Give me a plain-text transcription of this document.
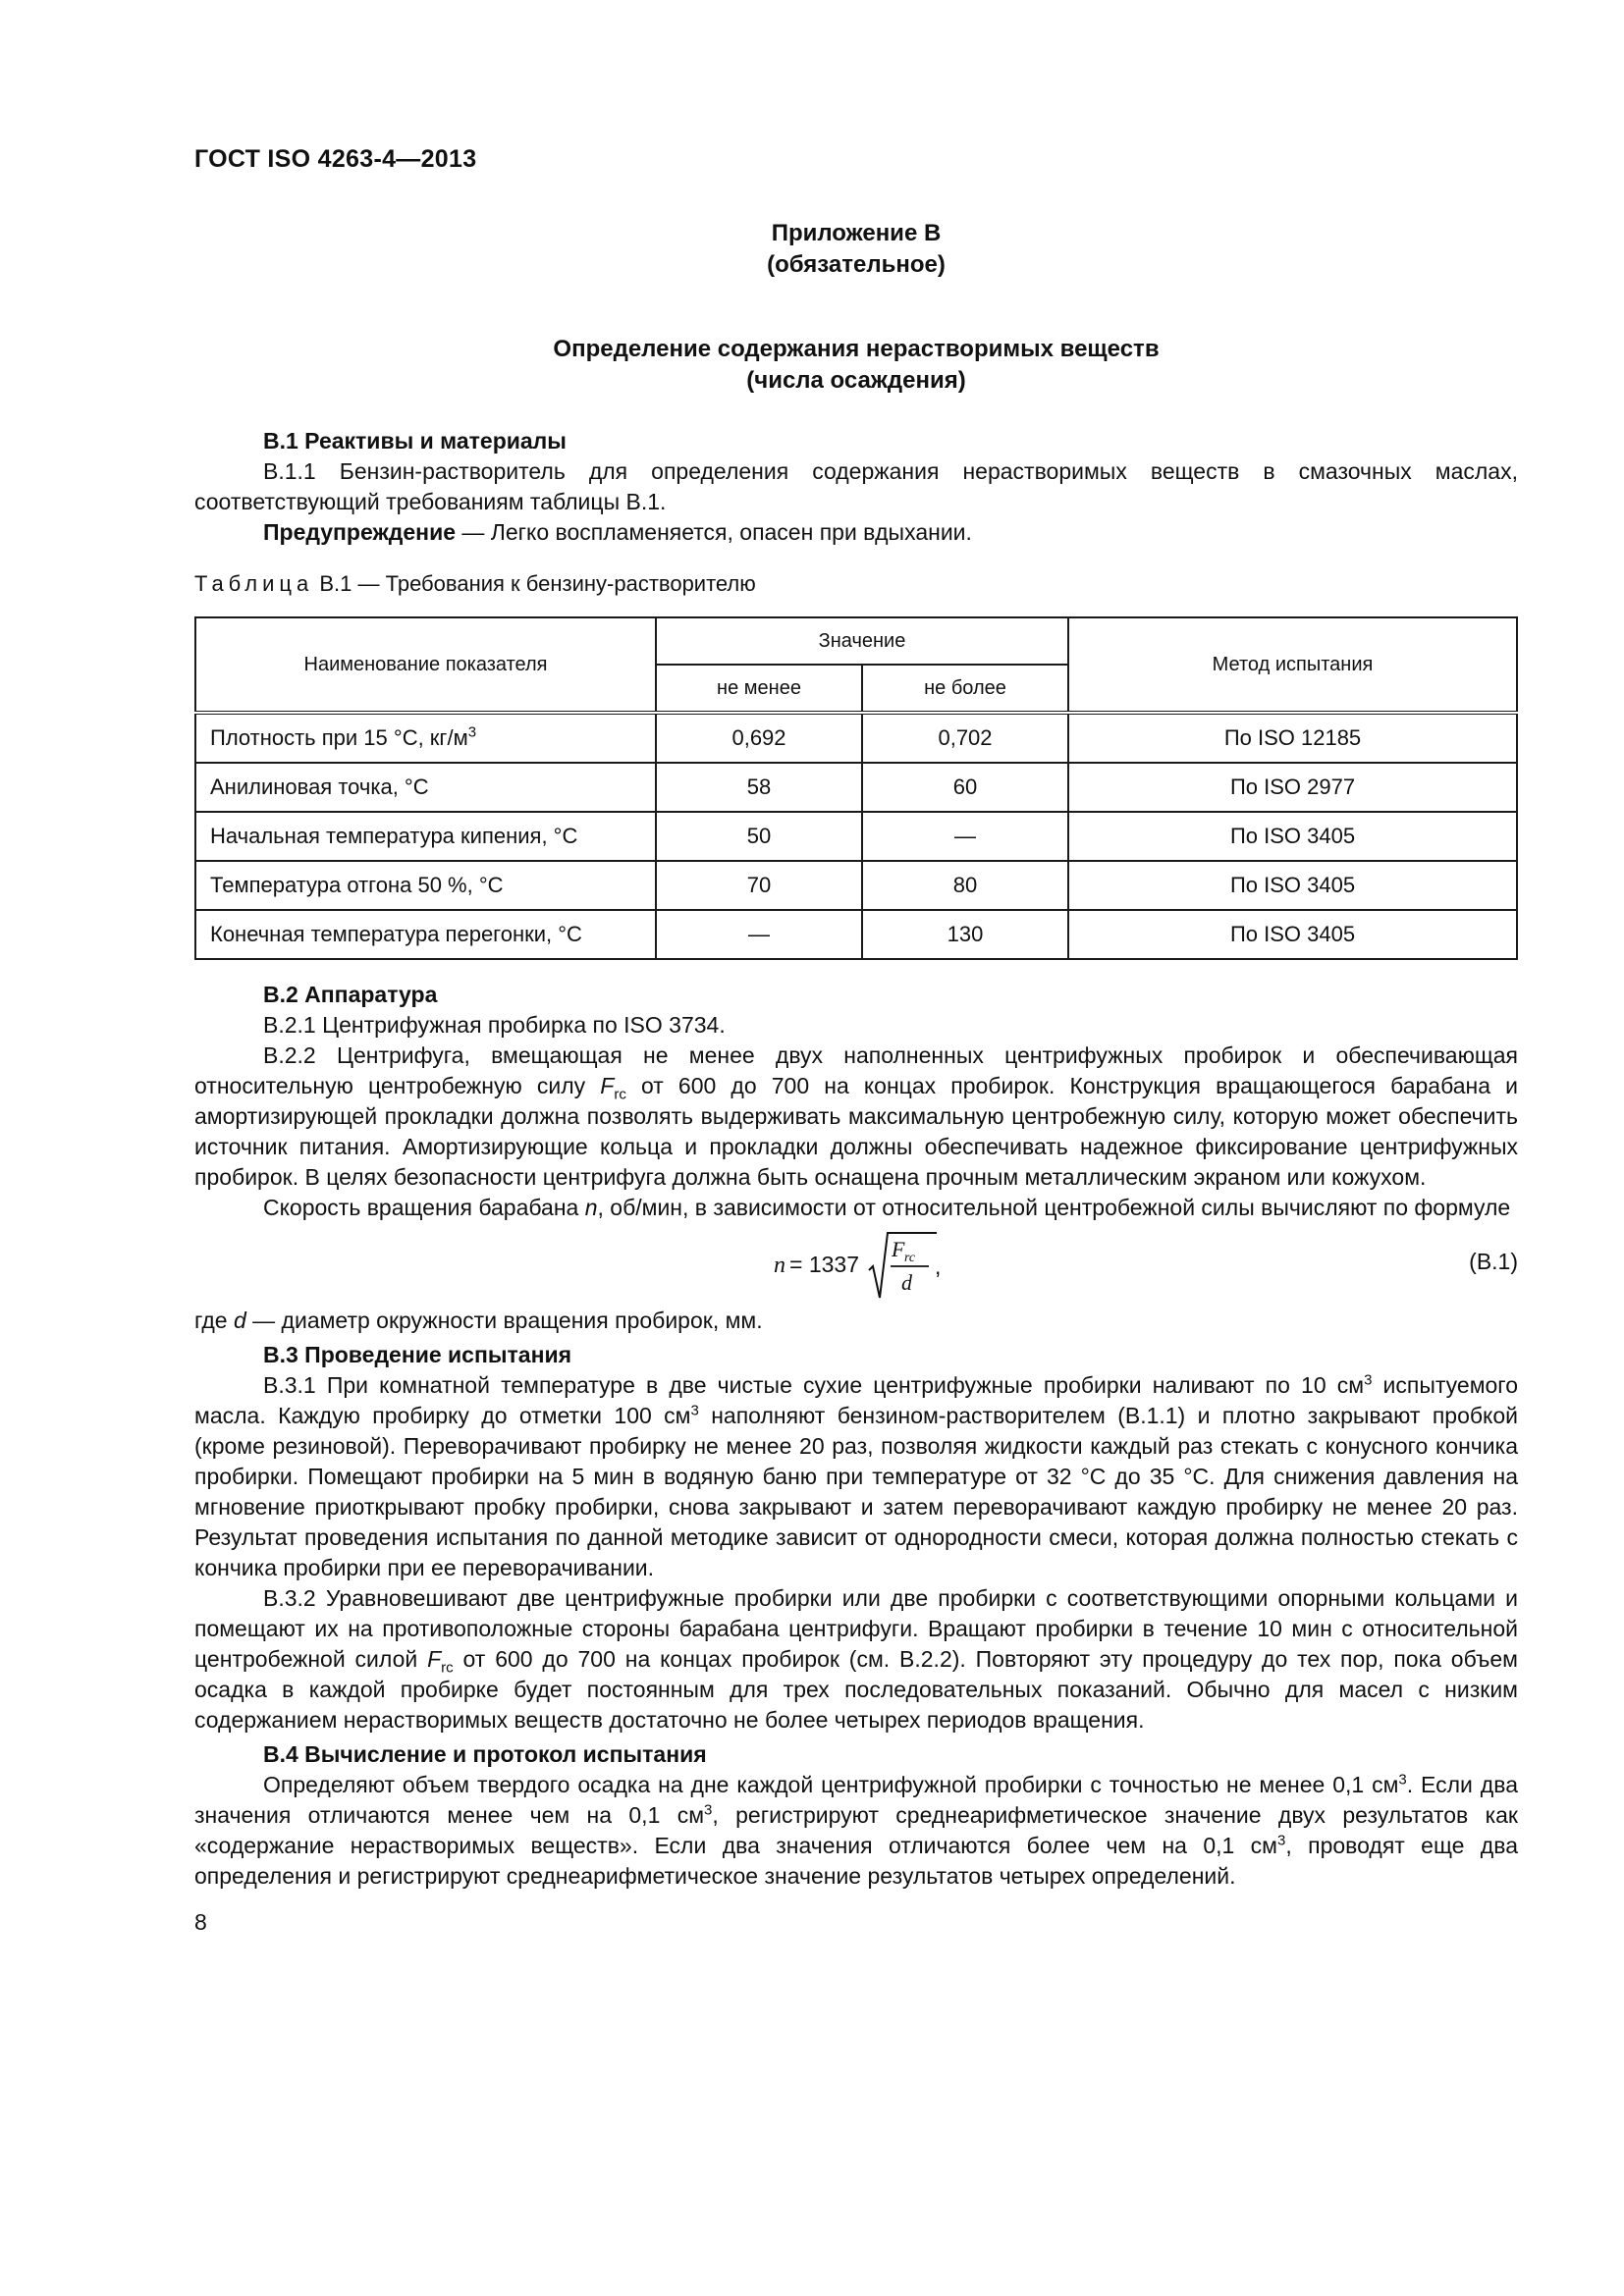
ГОСТ ISO 4263-4—2013
Приложение В
(обязательное)
Определение содержания нерастворимых веществ
(числа осаждения)
В.1 Реактивы и материалы

В.1.1 Бензин-растворитель для определения содержания нерастворимых веществ в смазочных маслах, соответствующий требованиям таблицы В.1.

Предупреждение — Легко воспламеняется, опасен при вдыхании.

Таблица В.1 — Требования к бензину-растворителю
Наименование показателя	Значение		Метод испытания
	не менее	не более	
Плотность при 15 °С, $кг/м^3$	0,692	0,702	По ISO 12185
Анилиновая точка, °С	58	60	По ISO 2977
Начальная температура кипения, °С	50	—	По ISO 3405
Температура отгона 50 %, °С	70	80	По ISO 3405
Конечная температура перегонки, °С	—	130	По ISO 3405
В.2 Аппаратура

В.2.1 Центрифужная пробирка по ISO 3734.

В.2.2 Центрифуга, вмещающая не менее двух наполненных центрифужных пробирок и обеспечивающая относительную центробежную силу $F_{rc}$ от 600 до 700 на концах пробирок. Конструкция вращающегося барабана и амортизирующей прокладки должна позволять выдерживать максимальную центробежную силу, которую может обеспечить источник питания. Амортизирующие кольца и прокладки должны обеспечивать надежное фиксирование центрифужных пробирок. В целях безопасности центрифуга должна быть оснащена прочным металлическим экраном или кожухом.

Скорость вращения барабана n, об/мин, в зависимости от относительной центробежной силы вычисляют по формуле

n = 1337
F rc
d
,	(В.1)

где d — диаметр окружности вращения пробирок, мм.

В.3 Проведение испытания

В.3.1 При комнатной температуре в две чистые сухие центрифужные пробирки наливают по 10 $см^3$ испытуемого масла. Каждую пробирку до отметки 100 $см^3$ наполняют бензином-растворителем (В.1.1) и плотно закрывают пробкой (кроме резиновой). Переворачивают пробирку не менее 20 раз, позволяя жидкости каждый раз стекать с конусного кончика пробирки. Помещают пробирки на 5 мин в водяную баню при температуре от 32 °С до 35 °С. Для снижения давления на мгновение приоткрывают пробку пробирки, снова закрывают и затем переворачивают каждую пробирку не менее 20 раз. Результат проведения испытания по данной методике зависит от однородности смеси, которая должна полностью стекать с кончика пробирки при ее переворачивании.

В.3.2 Уравновешивают две центрифужные пробирки или две пробирки с соответствующими опорными кольцами и помещают их на противоположные стороны барабана центрифуги. Вращают пробирки в течение 10 мин с относительной центробежной силой $F_{rc}$ от 600 до 700 на концах пробирок (см. В.2.2). Повторяют эту процедуру до тех пор, пока объем осадка в каждой пробирке будет постоянным для трех последовательных показаний. Обычно для масел с низким содержанием нерастворимых веществ достаточно не более четырех периодов вращения.

В.4 Вычисление и протокол испытания

Определяют объем твердого осадка на дне каждой центрифужной пробирки с точностью не менее 0,1 $см^3$. Если два значения отличаются менее чем на 0,1 $см^3$, регистрируют среднеарифметическое значение двух результатов как «содержание нерастворимых веществ». Если два значения отличаются более чем на 0,1 $см^3$, проводят еще два определения и регистрируют среднеарифметическое значение результатов четырех определений.

8
